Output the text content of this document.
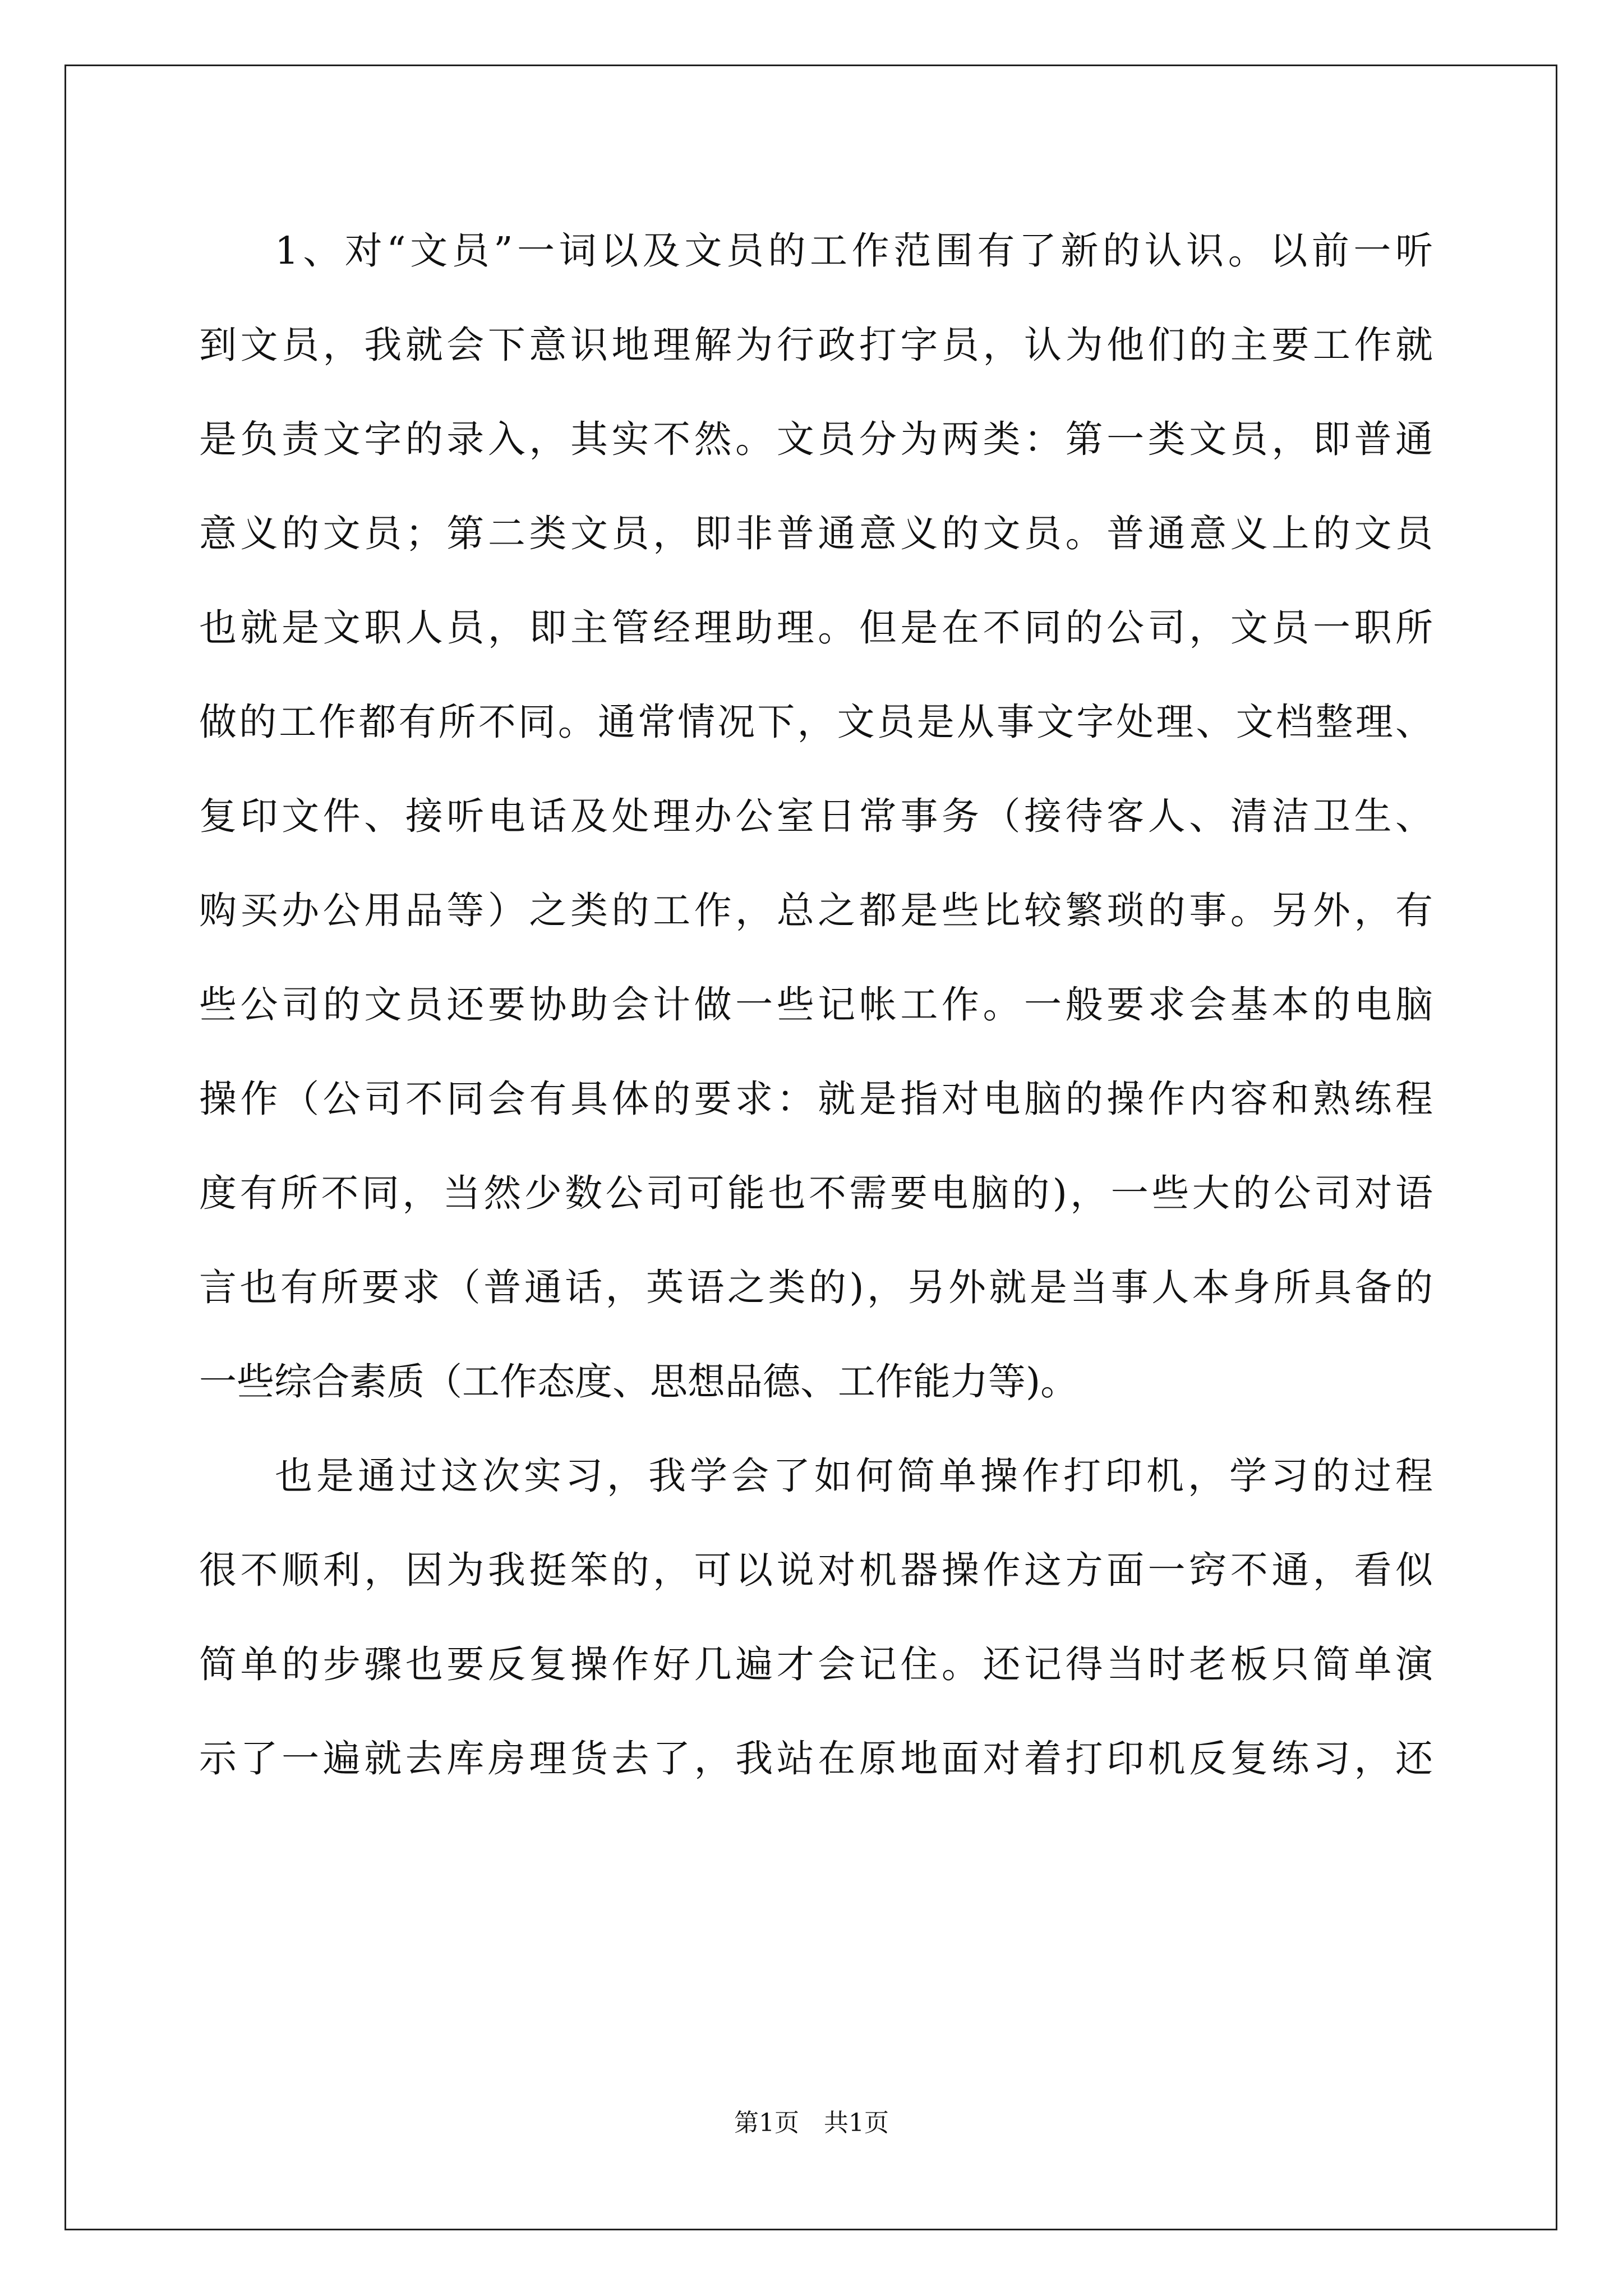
1、对“文员”一词以及文员的工作范围有了新的认识。以前一听
到文员，我就会下意识地理解为行政打字员，认为他们的主要工作就
是负责文字的录入，其实不然。文员分为两类：第一类文员，即普通
意义的文员；第二类文员，即非普通意义的文员。普通意义上的文员
也就是文职人员，即主管经理助理。但是在不同的公司，文员一职所
做的工作都有所不同。通常情况下，文员是从事文字处理、文档整理、
复印文件、接听电话及处理办公室日常事务（接待客人、清洁卫生、
购买办公用品等）之类的工作，总之都是些比较繁琐的事。另外，有
些公司的文员还要协助会计做一些记帐工作。一般要求会基本的电脑
操作（公司不同会有具体的要求：就是指对电脑的操作内容和熟练程
度有所不同，当然少数公司可能也不需要电脑的)，一些大的公司对语
言也有所要求（普通话，英语之类的)，另外就是当事人本身所具备的
一些综合素质（工作态度、思想品德、工作能力等)。
也是通过这次实习，我学会了如何简单操作打印机，学习的过程
很不顺利，因为我挺笨的，可以说对机器操作这方面一窍不通，看似
简单的步骤也要反复操作好几遍才会记住。还记得当时老板只简单演
示了一遍就去库房理货去了，我站在原地面对着打印机反复练习，还
第1页　共1页
